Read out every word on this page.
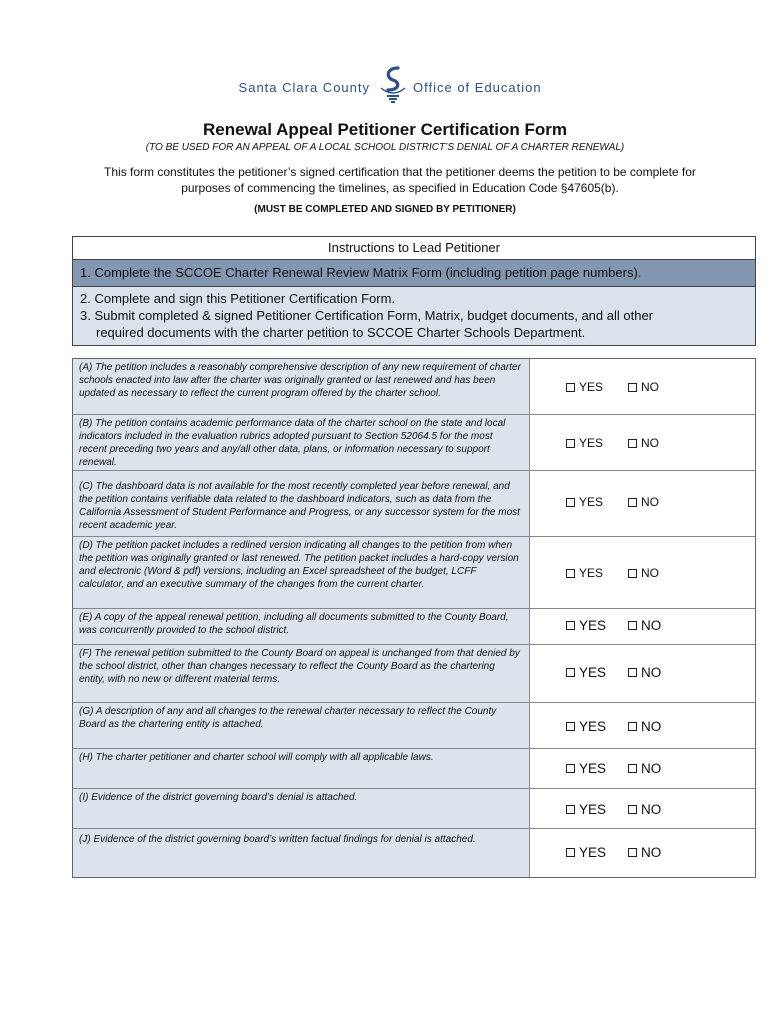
Santa Clara County	Office of Education
Renewal Appeal Petitioner Certification Form
(TO BE USED FOR AN APPEAL OF A LOCAL SCHOOL DISTRICT’S DENIAL OF A CHARTER RENEWAL)
This form constitutes the petitioner’s signed certification that the petitioner deems the petition to be complete for purposes of commencing the timelines, as specified in Education Code §47605(b).
(MUST BE COMPLETED AND SIGNED BY PETITIONER)
Instructions to Lead Petitioner
1. Complete the SCCOE Charter Renewal Review Matrix Form (including petition page numbers).
2. Complete and sign this Petitioner Certification Form.
3. Submit completed & signed Petitioner Certification Form, Matrix, budget documents, and all other
required documents with the charter petition to SCCOE Charter Schools Department.
(A) The petition includes a reasonably comprehensive description of any new requirement of charter schools enacted into law after the charter was originally granted or last renewed and has been updated as necessary to reflect the current program offered by the charter school.	YES	NO
(B) The petition contains academic performance data of the charter school on the state and local indicators included in the evaluation rubrics adopted pursuant to Section 52064.5 for the most recent preceding two years and any/all other data, plans, or information necessary to support renewal.
YES	NO
(C) The dashboard data is not available for the most recently completed year before renewal, and the petition contains verifiable data related to the dashboard indicators, such as data from the California Assessment of Student Performance and Progress, or any successor system for the most recent academic year.
YES	NO
(D) The petition packet includes a redlined version indicating all changes to the petition from when the petition was originally granted or last renewed. The petition packet includes a hard-copy version and electronic (Word & pdf) versions, including an Excel spreadsheet of the budget, LCFF calculator, and an executive summary of the changes from the current charter.
YES	NO
(E) A copy of the appeal renewal petition, including all documents submitted to the County Board, was concurrently provided to the school district.	YES	NO
(F) The renewal petition submitted to the County Board on appeal is unchanged from that denied by the school district, other than changes necessary to reflect the County Board as the chartering entity, with no new or different material terms.	YES	NO
(G) A description of any and all changes to the renewal charter necessary to reflect the County Board as the chartering entity is attached.	YES	NO
(H) The charter petitioner and charter school will comply with all applicable laws.
YES	NO
(I) Evidence of the district governing board’s denial is attached.
YES	NO
(J) Evidence of the district governing board’s written factual findings for denial is attached.
YES	NO
